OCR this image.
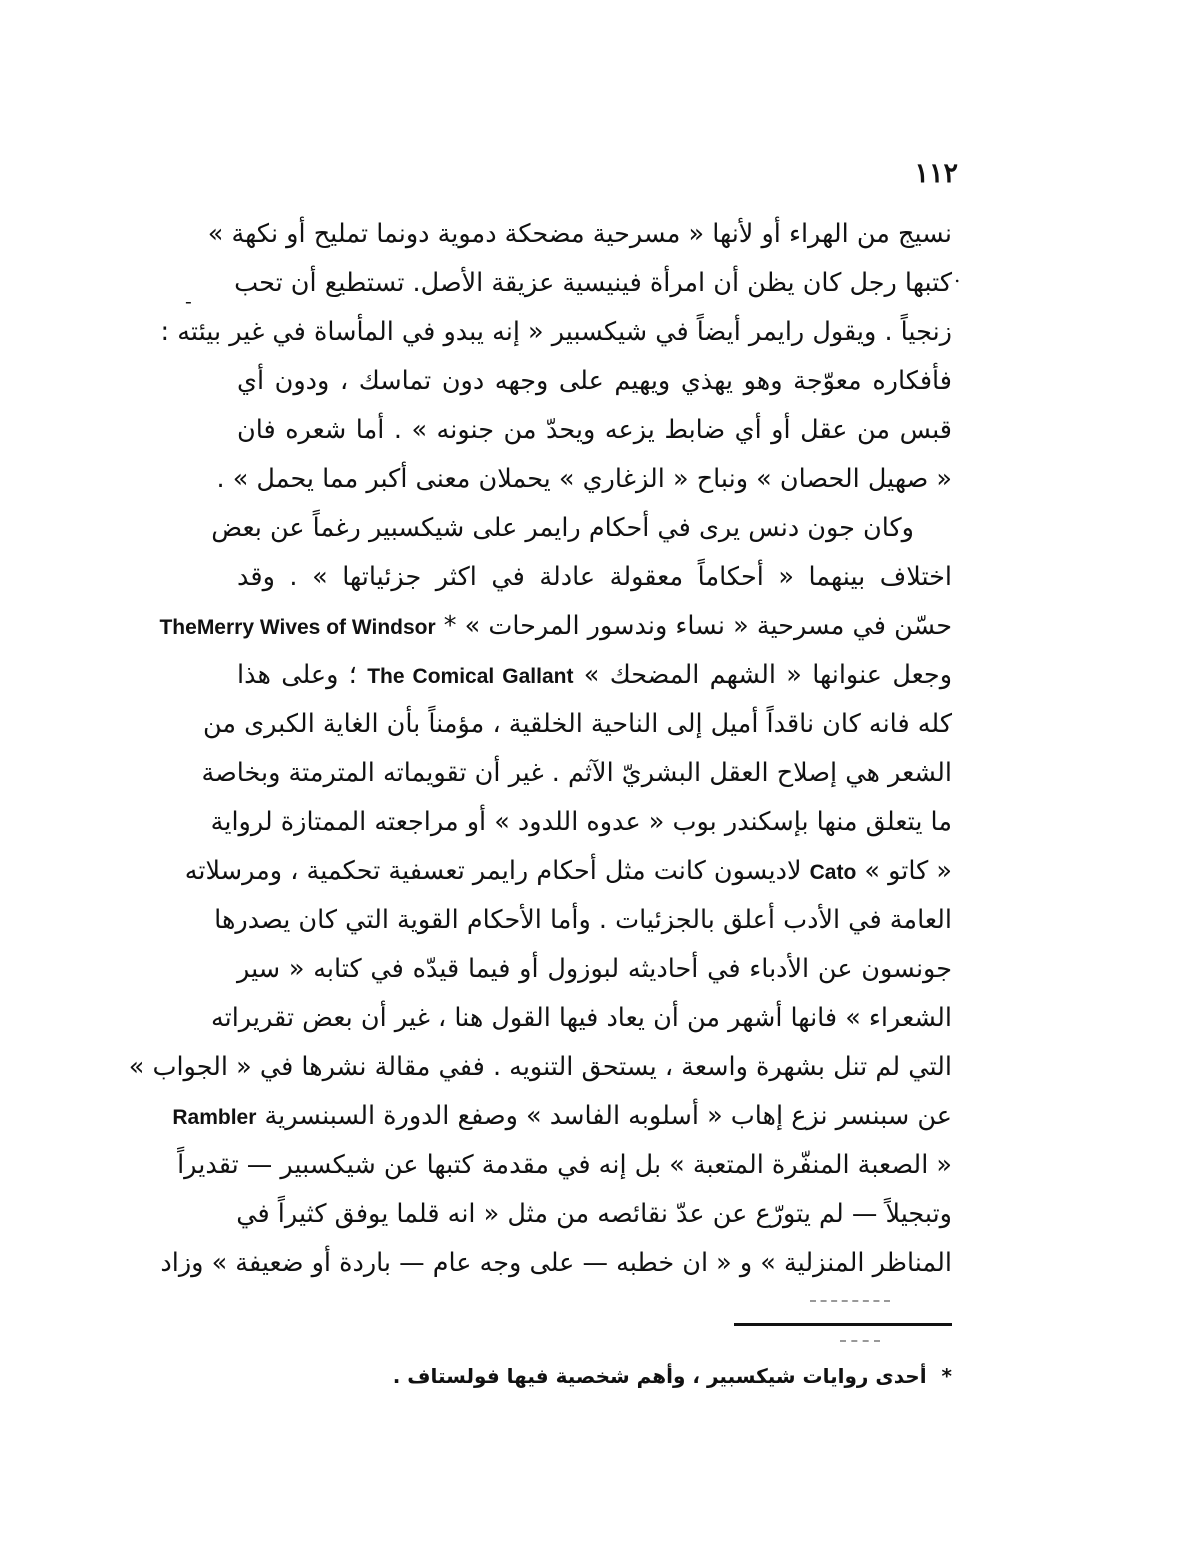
١١٢
.
-
نسيج من الهراء أو لأنها « مسرحية مضحكة دموية دونما تمليح أو نكهة »
كتبها رجل كان يظن أن امرأة فينيسية عزيقة الأصل. تستطيع أن تحب
زنجياً . ويقول رايمر أيضاً في شيكسبير « إنه يبدو في المأساة في غير بيئته :
فأفكاره معوّجة وهو يهذي ويهيم على وجهه دون تماسك ، ودون أي
قبس من عقل أو أي ضابط يزعه ويحدّ من جنونه » . أما شعره فان
« صهيل الحصان » ونباح « الزغاري » يحملان معنى أكبر مما يحمل » .
وكان جون دنس يرى في أحكام رايمر على شيكسبير رغماً عن بعض
اختلاف بينهما « أحكاماً معقولة عادلة في اكثر جزئياتها » . وقد
حسّن في مسرحية « نساء وندسور المرحات » * TheMerry Wives of Windsor
وجعل عنوانها « الشهم المضحك » The Comical Gallant ؛ وعلى هذا
كله فانه كان ناقداً أميل إلى الناحية الخلقية ، مؤمناً بأن الغاية الكبرى من
الشعر هي إصلاح العقل البشريّ الآثم . غير أن تقويماته المترمتة وبخاصة
ما يتعلق منها بإسكندر بوب « عدوه اللدود » أو مراجعته الممتازة لرواية
« كاتو » Cato لاديسون كانت مثل أحكام رايمر تعسفية تحكمية ، ومرسلاته
العامة في الأدب أعلق بالجزئيات . وأما الأحكام القوية التي كان يصدرها
جونسون عن الأدباء في أحاديثه لبوزول أو فيما قيدّه في كتابه « سير
الشعراء » فانها أشهر من أن يعاد فيها القول هنا ، غير أن بعض تقريراته
التي لم تنل بشهرة واسعة ، يستحق التنويه . ففي مقالة نشرها في « الجواب »
عن سبنسر نزع إهاب « أسلوبه الفاسد » وصفع الدورة السبنسرية Rambler
« الصعبة المنفّرة المتعبة » بل إنه في مقدمة كتبها عن شيكسبير — تقديراً
وتبجيلاً — لم يتورّع عن عدّ نقائصه من مثل « انه قلما يوفق كثيراً في
المناظر المنزلية » و « ان خطبه — على وجه عام — باردة أو ضعيفة » وزاد
* أحدى روايات شيكسبير ، وأهم شخصية فيها فولستاف .
